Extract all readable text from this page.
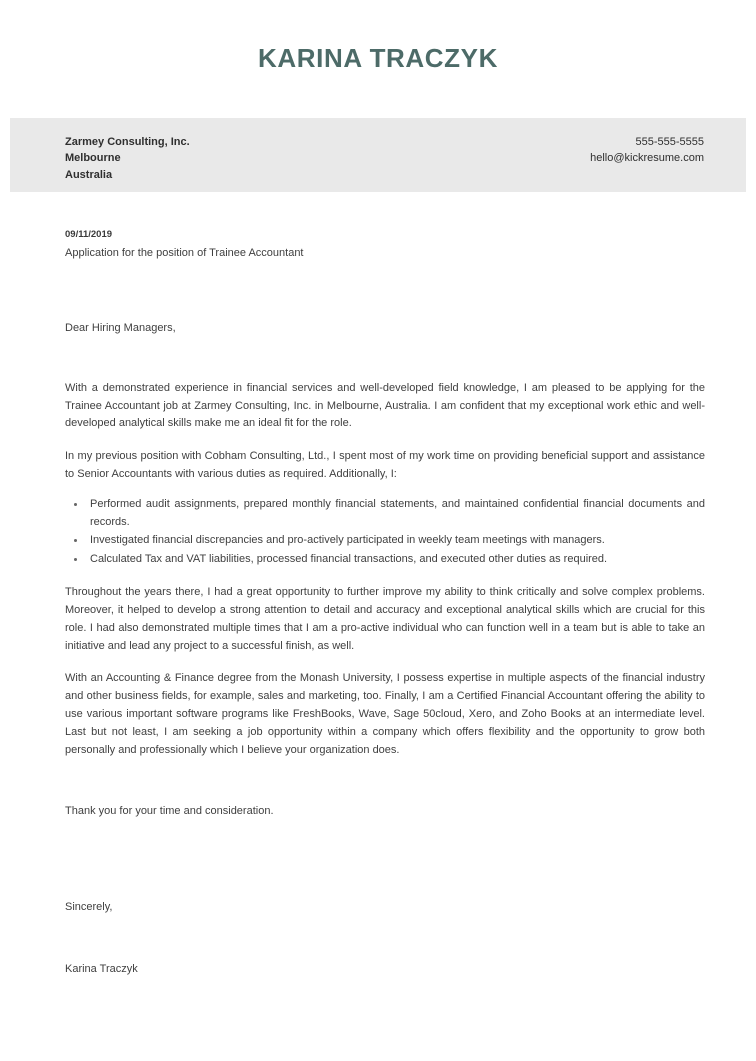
KARINA TRACZYK
Zarmey Consulting, Inc.
Melbourne
Australia
555-555-5555
hello@kickresume.com

09/11/2019

Application for the position of Trainee Accountant

Dear Hiring Managers,

With a demonstrated experience in financial services and well-developed field knowledge, I am pleased to be applying for the Trainee Accountant job at Zarmey Consulting, Inc. in Melbourne, Australia. I am confident that my exceptional work ethic and well-developed analytical skills make me an ideal fit for the role.

In my previous position with Cobham Consulting, Ltd., I spent most of my work time on providing beneficial support and assistance to Senior Accountants with various duties as required. Additionally, I:

Performed audit assignments, prepared monthly financial statements, and maintained confidential financial documents and records.
Investigated financial discrepancies and pro-actively participated in weekly team meetings with managers.
Calculated Tax and VAT liabilities, processed financial transactions, and executed other duties as required.

Throughout the years there, I had a great opportunity to further improve my ability to think critically and solve complex problems. Moreover, it helped to develop a strong attention to detail and accuracy and exceptional analytical skills which are crucial for this role. I had also demonstrated multiple times that I am a pro-active individual who can function well in a team but is able to take an initiative and lead any project to a successful finish, as well.

With an Accounting & Finance degree from the Monash University, I possess expertise in multiple aspects of the financial industry and other business fields, for example, sales and marketing, too. Finally, I am a Certified Financial Accountant offering the ability to use various important software programs like FreshBooks, Wave, Sage 50cloud, Xero, and Zoho Books at an intermediate level. Last but not least, I am seeking a job opportunity within a company which offers flexibility and the opportunity to grow both personally and professionally which I believe your organization does.

Thank you for your time and consideration.

Sincerely,

Karina Traczyk
